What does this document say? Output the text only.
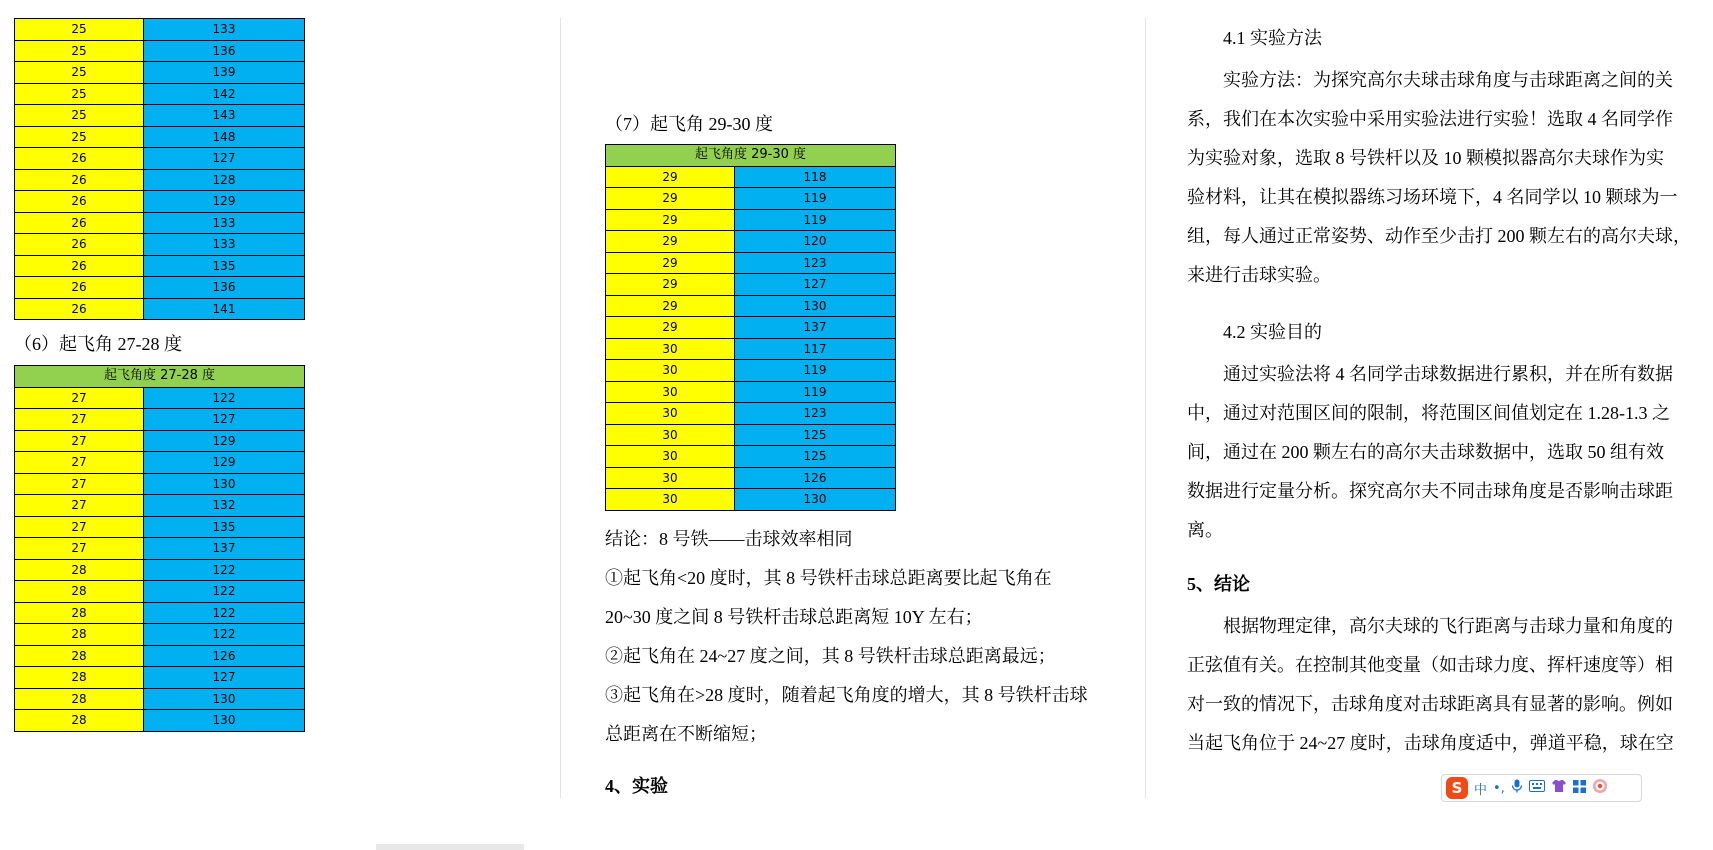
25	133
25	136
25	139
25	142
25	143
25	148
26	127
26	128
26	129
26	133
26	133
26	135
26	136
26	141
（6）起飞角 27-28 度
起飞角度 27-28 度	
27	122
27	127
27	129
27	129
27	130
27	132
27	135
27	137
28	122
28	122
28	122
28	122
28	126
28	127
28	130
28	130
（7）起飞角 29-30 度
起飞角度 29-30 度	
29	118
29	119
29	119
29	120
29	123
29	127
29	130
29	137
30	117
30	119
30	119
30	123
30	125
30	125
30	126
30	130
结论：8 号铁——击球效率相同
①起飞角<20 度时，其 8 号铁杆击球总距离要比起飞角在
20~30 度之间 8 号铁杆击球总距离短 10Y 左右；
②起飞角在 24~27 度之间，其 8 号铁杆击球总距离最远；
③起飞角在>28 度时，随着起飞角度的增大，其 8 号铁杆击球
总距离在不断缩短；
4、实验
4.1 实验方法
实验方法：为探究高尔夫球击球角度与击球距离之间的关
系，我们在本次实验中采用实验法进行实验！选取 4 名同学作
为实验对象，选取 8 号铁杆以及 10 颗模拟器高尔夫球作为实
验材料，让其在模拟器练习场环境下，4 名同学以 10 颗球为一
组，每人通过正常姿势、动作至少击打 200 颗左右的高尔夫球，
来进行击球实验。
4.2 实验目的
通过实验法将 4 名同学击球数据进行累积，并在所有数据
中，通过对范围区间的限制，将范围区间值划定在 1.28-1.3 之
间，通过在 200 颗左右的高尔夫击球数据中，选取 50 组有效
数据进行定量分析。探究高尔夫不同击球角度是否影响击球距
离。
5、结论
根据物理定律，高尔夫球的飞行距离与击球力量和角度的
正弦值有关。在控制其他变量（如击球力度、挥杆速度等）相
对一致的情况下，击球角度对击球距离具有显著的影响。例如
当起飞角位于 24~27 度时，击球角度适中，弹道平稳，球在空
S 中 •,
